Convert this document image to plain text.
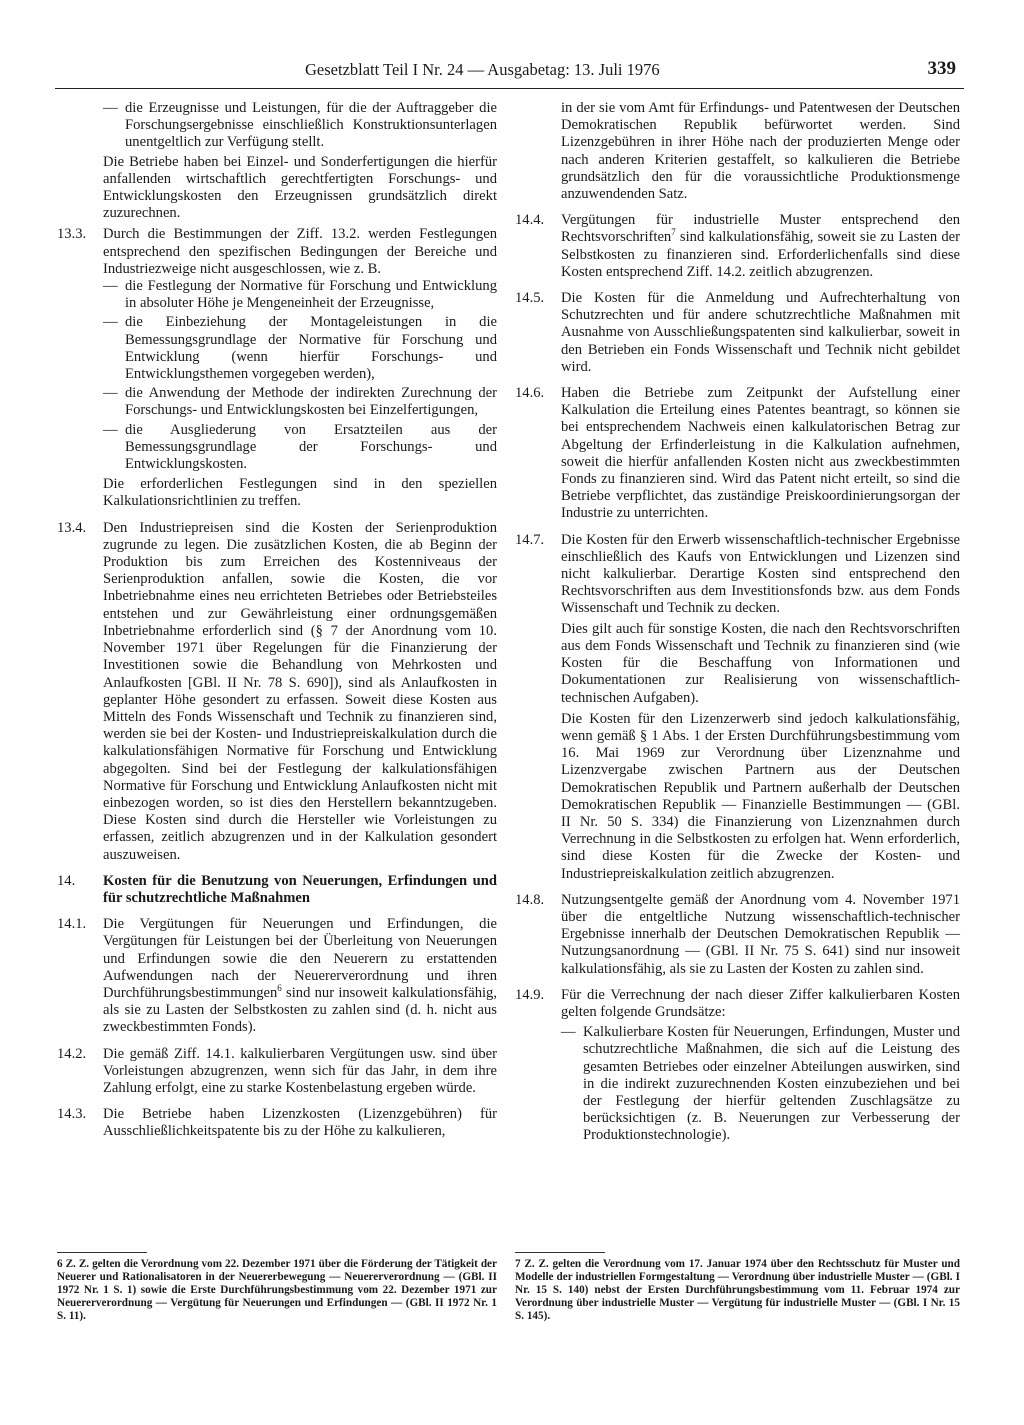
Gesetzblatt Teil I Nr. 24 — Ausgabetag: 13. Juli 1976	339
— die Erzeugnisse und Leistungen, für die der Auftraggeber die Forschungsergebnisse einschließlich Konstruktionsunterlagen unentgeltlich zur Verfügung stellt.
Die Betriebe haben bei Einzel- und Sonderfertigungen die hierfür anfallenden wirtschaftlich gerechtfertigten Forschungs- und Entwicklungskosten den Erzeugnissen grundsätzlich direkt zuzurechnen.
13.3. Durch die Bestimmungen der Ziff. 13.2. werden Festlegungen entsprechend den spezifischen Bedingungen der Bereiche und Industriezweige nicht ausgeschlossen, wie z. B.
— die Festlegung der Normative für Forschung und Entwicklung in absoluter Höhe je Mengeneinheit der Erzeugnisse,
— die Einbeziehung der Montageleistungen in die Bemessungsgrundlage der Normative für Forschung und Entwicklung (wenn hierfür Forschungs- und Entwicklungsthemen vorgegeben werden),
— die Anwendung der Methode der indirekten Zurechnung der Forschungs- und Entwicklungskosten bei Einzelfertigungen,
— die Ausgliederung von Ersatzteilen aus der Bemessungsgrundlage der Forschungs- und Entwicklungskosten.
Die erforderlichen Festlegungen sind in den speziellen Kalkulationsrichtlinien zu treffen.
13.4. Den Industriepreisen sind die Kosten der Serienproduktion zugrunde zu legen. Die zusätzlichen Kosten, die ab Beginn der Produktion bis zum Erreichen des Kostenniveaus der Serienproduktion anfallen, sowie die Kosten, die vor Inbetriebnahme eines neu errichteten Betriebes oder Betriebsteiles entstehen und zur Gewährleistung einer ordnungsgemäßen Inbetriebnahme erforderlich sind (§ 7 der Anordnung vom 10. November 1971 über Regelungen für die Finanzierung der Investitionen sowie die Behandlung von Mehrkosten und Anlaufkosten [GBl. II Nr. 78 S. 690]), sind als Anlaufkosten in geplanter Höhe gesondert zu erfassen. Soweit diese Kosten aus Mitteln des Fonds Wissenschaft und Technik zu finanzieren sind, werden sie bei der Kosten- und Industriepreiskalkulation durch die kalkulationsfähigen Normative für Forschung und Entwicklung abgegolten. Sind bei der Festlegung der kalkulationsfähigen Normative für Forschung und Entwicklung Anlaufkosten nicht mit einbezogen worden, so ist dies den Herstellern bekanntzugeben. Diese Kosten sind durch die Hersteller wie Vorleistungen zu erfassen, zeitlich abzugrenzen und in der Kalkulation gesondert auszuweisen.
14. Kosten für die Benutzung von Neuerungen, Erfindungen und für schutzrechtliche Maßnahmen
14.1. Die Vergütungen für Neuerungen und Erfindungen, die Vergütungen für Leistungen bei der Überleitung von Neuerungen und Erfindungen sowie die den Neuerern zu erstattenden Aufwendungen nach der Neuererverordnung und ihren Durchführungsbestimmungen$^6$ sind nur insoweit kalkulationsfähig, als sie zu Lasten der Selbstkosten zu zahlen sind (d. h. nicht aus zweckbestimmten Fonds).
14.2. Die gemäß Ziff. 14.1. kalkulierbaren Vergütungen usw. sind über Vorleistungen abzugrenzen, wenn sich für das Jahr, in dem ihre Zahlung erfolgt, eine zu starke Kostenbelastung ergeben würde.
14.3. Die Betriebe haben Lizenzkosten (Lizenzgebühren) für Ausschließlichkeitspatente bis zu der Höhe zu kalkulieren,
in der sie vom Amt für Erfindungs- und Patentwesen der Deutschen Demokratischen Republik befürwortet werden. Sind Lizenzgebühren in ihrer Höhe nach der produzierten Menge oder nach anderen Kriterien gestaffelt, so kalkulieren die Betriebe grundsätzlich den für die voraussichtliche Produktionsmenge anzuwendenden Satz.
14.4. Vergütungen für industrielle Muster entsprechend den Rechtsvorschriften$^7$ sind kalkulationsfähig, soweit sie zu Lasten der Selbstkosten zu finanzieren sind. Erforderlichenfalls sind diese Kosten entsprechend Ziff. 14.2. zeitlich abzugrenzen.
14.5. Die Kosten für die Anmeldung und Aufrechterhaltung von Schutzrechten und für andere schutzrechtliche Maßnahmen mit Ausnahme von Ausschließungspatenten sind kalkulierbar, soweit in den Betrieben ein Fonds Wissenschaft und Technik nicht gebildet wird.
14.6. Haben die Betriebe zum Zeitpunkt der Aufstellung einer Kalkulation die Erteilung eines Patentes beantragt, so können sie bei entsprechendem Nachweis einen kalkulatorischen Betrag zur Abgeltung der Erfinderleistung in die Kalkulation aufnehmen, soweit die hierfür anfallenden Kosten nicht aus zweckbestimmten Fonds zu finanzieren sind. Wird das Patent nicht erteilt, so sind die Betriebe verpflichtet, das zuständige Preiskoordinierungsorgan der Industrie zu unterrichten.
14.7. Die Kosten für den Erwerb wissenschaftlich-technischer Ergebnisse einschließlich des Kaufs von Entwicklungen und Lizenzen sind nicht kalkulierbar. Derartige Kosten sind entsprechend den Rechtsvorschriften aus dem Investitionsfonds bzw. aus dem Fonds Wissenschaft und Technik zu decken.
Dies gilt auch für sonstige Kosten, die nach den Rechtsvorschriften aus dem Fonds Wissenschaft und Technik zu finanzieren sind (wie Kosten für die Beschaffung von Informationen und Dokumentationen zur Realisierung von wissenschaftlich-technischen Aufgaben).
Die Kosten für den Lizenzerwerb sind jedoch kalkulationsfähig, wenn gemäß § 1 Abs. 1 der Ersten Durchführungsbestimmung vom 16. Mai 1969 zur Verordnung über Lizenznahme und Lizenzvergabe zwischen Partnern aus der Deutschen Demokratischen Republik und Partnern außerhalb der Deutschen Demokratischen Republik — Finanzielle Bestimmungen — (GBl. II Nr. 50 S. 334) die Finanzierung von Lizenznahmen durch Verrechnung in die Selbstkosten zu erfolgen hat. Wenn erforderlich, sind diese Kosten für die Zwecke der Kosten- und Industriepreiskalkulation zeitlich abzugrenzen.
14.8. Nutzungsentgelte gemäß der Anordnung vom 4. November 1971 über die entgeltliche Nutzung wissenschaftlich-technischer Ergebnisse innerhalb der Deutschen Demokratischen Republik — Nutzungsanordnung — (GBl. II Nr. 75 S. 641) sind nur insoweit kalkulationsfähig, als sie zu Lasten der Kosten zu zahlen sind.
14.9. Für die Verrechnung der nach dieser Ziffer kalkulierbaren Kosten gelten folgende Grundsätze:
— Kalkulierbare Kosten für Neuerungen, Erfindungen, Muster und schutzrechtliche Maßnahmen, die sich auf die Leistung des gesamten Betriebes oder einzelner Abteilungen auswirken, sind in die indirekt zuzurechnenden Kosten einzubeziehen und bei der Festlegung der hierfür geltenden Zuschlagsätze zu berücksichtigen (z. B. Neuerungen zur Verbesserung der Produktionstechnologie).
6 Z. Z. gelten die Verordnung vom 22. Dezember 1971 über die Förderung der Tätigkeit der Neuerer und Rationalisatoren in der Neuererbewegung — Neuererverordnung — (GBl. II 1972 Nr. 1 S. 1) sowie die Erste Durchführungsbestimmung vom 22. Dezember 1971 zur Neuererverordnung — Vergütung für Neuerungen und Erfindungen — (GBl. II 1972 Nr. 1 S. 11).
7 Z. Z. gelten die Verordnung vom 17. Januar 1974 über den Rechtsschutz für Muster und Modelle der industriellen Formgestaltung — Verordnung über industrielle Muster — (GBl. I Nr. 15 S. 140) nebst der Ersten Durchführungsbestimmung vom 11. Februar 1974 zur Verordnung über industrielle Muster — Vergütung für industrielle Muster — (GBl. I Nr. 15 S. 145).
